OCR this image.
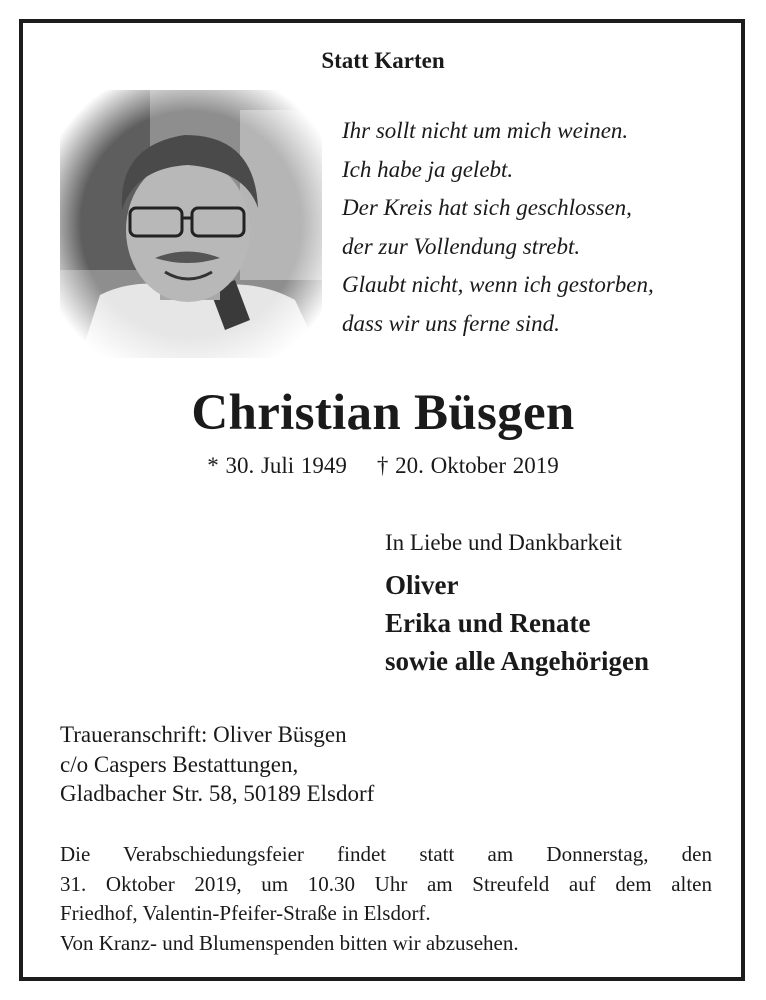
Statt Karten
Ihr sollt nicht um mich weinen.
Ich habe ja gelebt.
Der Kreis hat sich geschlossen,
der zur Vollendung strebt.
Glaubt nicht, wenn ich gestorben,
dass wir uns ferne sind.
Christian Büsgen
* 30. Juli 1949 † 20. Oktober 2019
In Liebe und Dankbarkeit
Oliver
Erika und Renate
sowie alle Angehörigen
Traueranschrift: Oliver Büsgen
c/o Caspers Bestattungen,
Gladbacher Str. 58, 50189 Elsdorf
Die Verabschiedungsfeier findet statt am Donnerstag, den
31. Oktober 2019, um 10.30 Uhr am Streufeld auf dem alten
Friedhof, Valentin-Pfeifer-Straße in Elsdorf.
Von Kranz- und Blumenspenden bitten wir abzusehen.
